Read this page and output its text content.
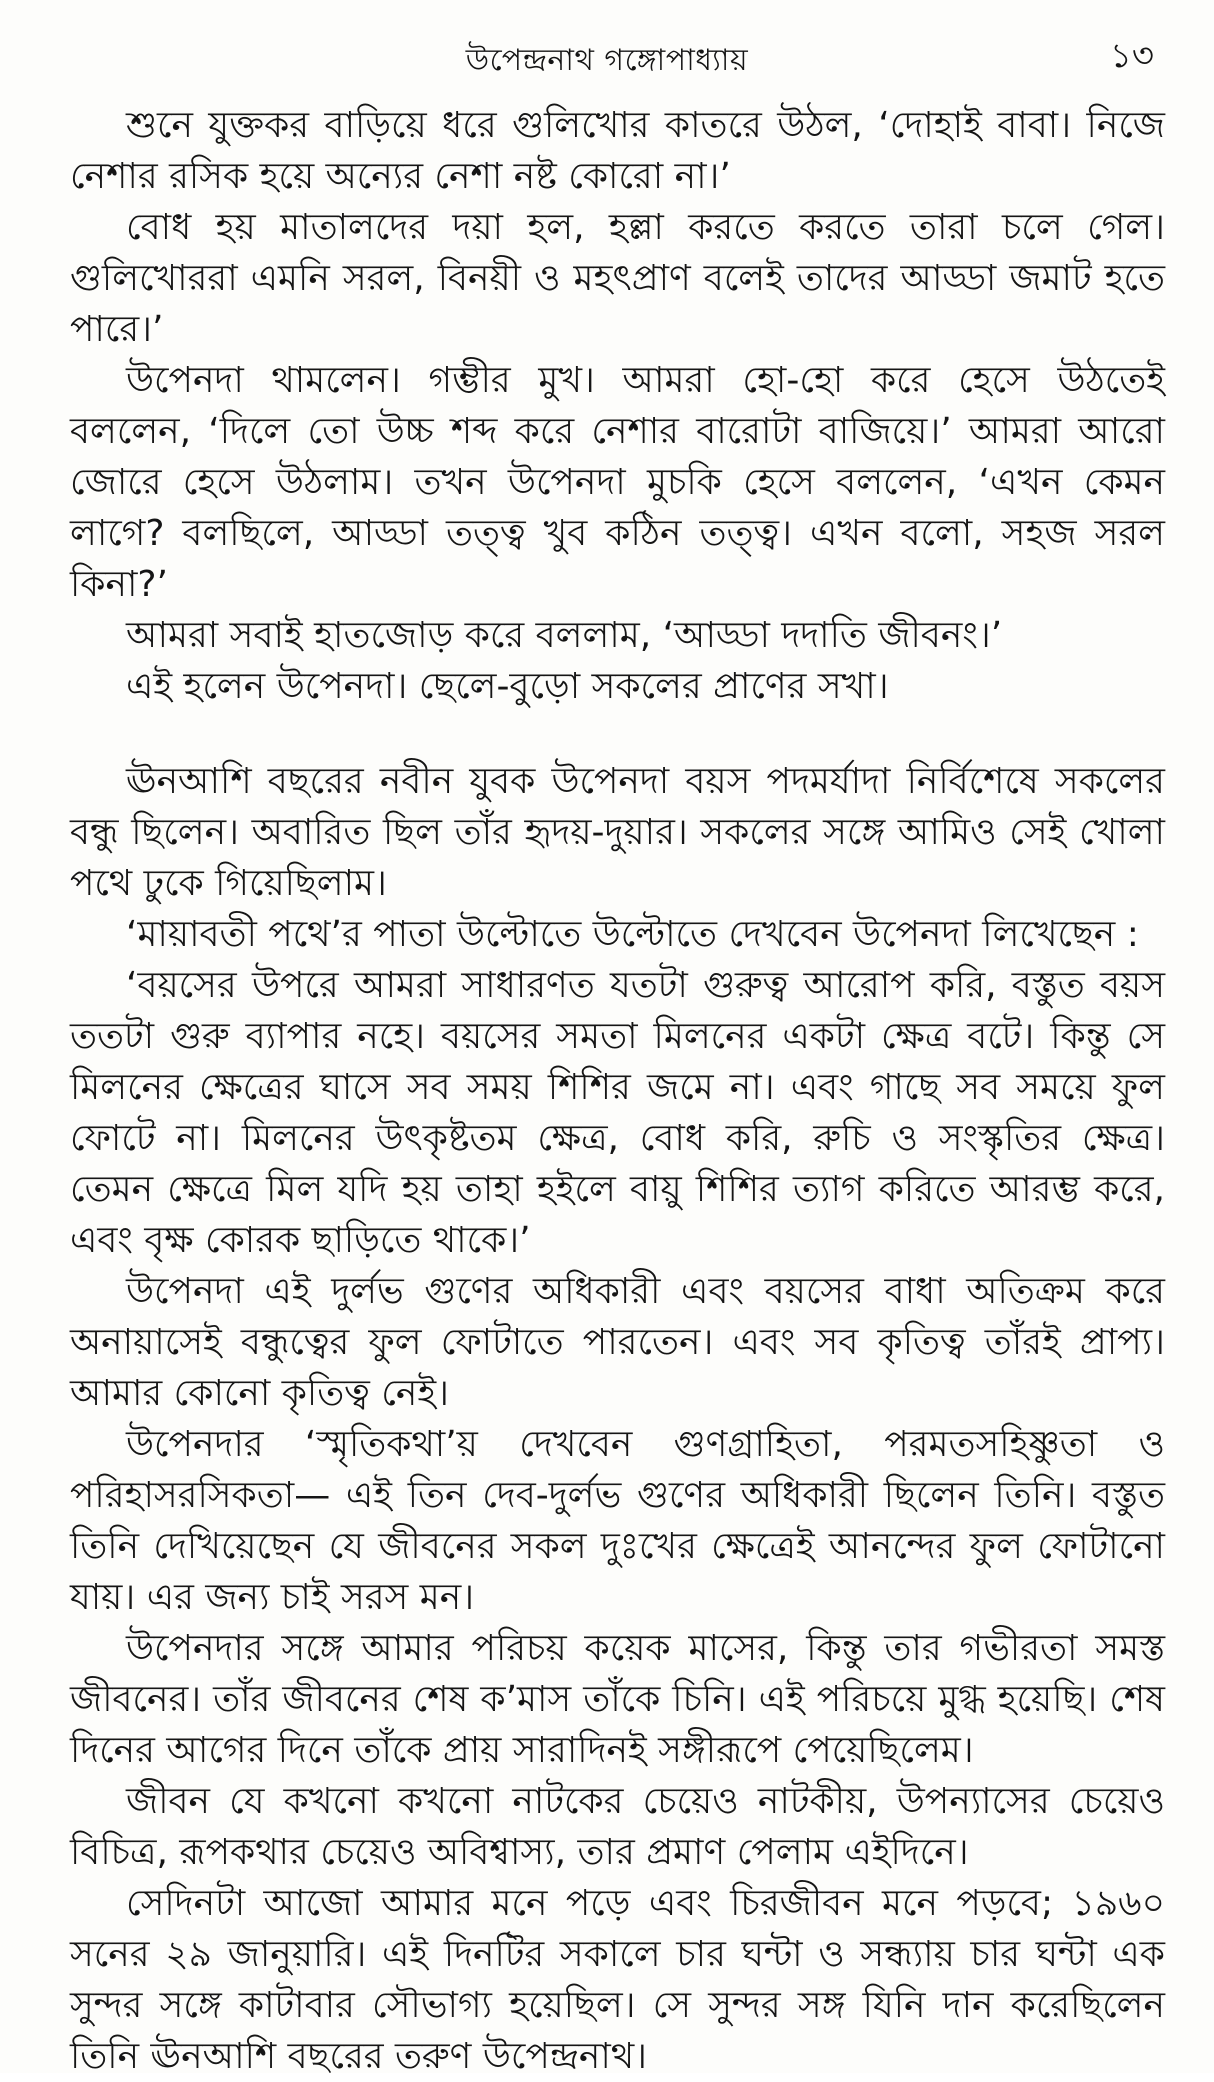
উপেন্দ্রনাথ গঙ্গোপাধ্যায়	১৩

শুনে যুক্তকর বাড়িয়ে ধরে গুলিখোর কাতরে উঠল, ‘দোহাই বাবা। নিজে নেশার রসিক হয়ে অন্যের নেশা নষ্ট কোরো না।’

বোধ হয় মাতালদের দয়া হল, হল্লা করতে করতে তারা চলে গেল। গুলিখোররা এমনি সরল, বিনয়ী ও মহৎপ্রাণ বলেই তাদের আড্ডা জমাট হতে পারে।’

উপেনদা থামলেন। গম্ভীর মুখ। আমরা হো-হো করে হেসে উঠতেই বললেন, ‘দিলে তো উচ্চ শব্দ করে নেশার বারোটা বাজিয়ে।’ আমরা আরো জোরে হেসে উঠলাম। তখন উপেনদা মুচকি হেসে বললেন, ‘এখন কেমন লাগে? বলছিলে, আড্ডা তত্ত্ব খুব কঠিন তত্ত্ব। এখন বলো, সহজ সরল কিনা?’

আমরা সবাই হাতজোড় করে বললাম, ‘আড্ডা দদাতি জীবনং।’

এই হলেন উপেনদা। ছেলে-বুড়ো সকলের প্রাণের সখা।

ঊনআশি বছরের নবীন যুবক উপেনদা বয়স পদমর্যাদা নির্বিশেষে সকলের বন্ধু ছিলেন। অবারিত ছিল তাঁর হৃদয়-দুয়ার। সকলের সঙ্গে আমিও সেই খোলা পথে ঢুকে গিয়েছিলাম।

‘মায়াবতী পথে’র পাতা উল্টোতে উল্টোতে দেখবেন উপেনদা লিখেছেন :

‘বয়সের উপরে আমরা সাধারণত যতটা গুরুত্ব আরোপ করি, বস্তুত বয়স ততটা গুরু ব্যাপার নহে। বয়সের সমতা মিলনের একটা ক্ষেত্র বটে। কিন্তু সে মিলনের ক্ষেত্রের ঘাসে সব সময় শিশির জমে না। এবং গাছে সব সময়ে ফুল ফোটে না। মিলনের উৎকৃষ্টতম ক্ষেত্র, বোধ করি, রুচি ও সংস্কৃতির ক্ষেত্র। তেমন ক্ষেত্রে মিল যদি হয় তাহা হইলে বায়ু শিশির ত্যাগ করিতে আরম্ভ করে, এবং বৃক্ষ কোরক ছাড়িতে থাকে।’

উপেনদা এই দুর্লভ গুণের অধিকারী এবং বয়সের বাধা অতিক্রম করে অনায়াসেই বন্ধুত্বের ফুল ফোটাতে পারতেন। এবং সব কৃতিত্ব তাঁরই প্রাপ্য। আমার কোনো কৃতিত্ব নেই।

উপেনদার ‘স্মৃতিকথা’য় দেখবেন গুণগ্রাহিতা, পরমতসহিষ্ণুতা ও পরিহাসরসিকতা— এই তিন দেব-দুর্লভ গুণের অধিকারী ছিলেন তিনি। বস্তুত তিনি দেখিয়েছেন যে জীবনের সকল দুঃখের ক্ষেত্রেই আনন্দের ফুল ফোটানো যায়। এর জন্য চাই সরস মন।

উপেনদার সঙ্গে আমার পরিচয় কয়েক মাসের, কিন্তু তার গভীরতা সমস্ত জীবনের। তাঁর জীবনের শেষ ক’মাস তাঁকে চিনি। এই পরিচয়ে মুগ্ধ হয়েছি। শেষ দিনের আগের দিনে তাঁকে প্রায় সারাদিনই সঙ্গীরূপে পেয়েছিলেম।

জীবন যে কখনো কখনো নাটকের চেয়েও নাটকীয়, উপন্যাসের চেয়েও বিচিত্র, রূপকথার চেয়েও অবিশ্বাস্য, তার প্রমাণ পেলাম এইদিনে।

সেদিনটা আজো আমার মনে পড়ে এবং চিরজীবন মনে পড়বে; ১৯৬০ সনের ২৯ জানুয়ারি। এই দিনটির সকালে চার ঘন্টা ও সন্ধ্যায় চার ঘন্টা এক সুন্দর সঙ্গে কাটাবার সৌভাগ্য হয়েছিল। সে সুন্দর সঙ্গ যিনি দান করেছিলেন তিনি ঊনআশি বছরের তরুণ উপেন্দ্রনাথ।
